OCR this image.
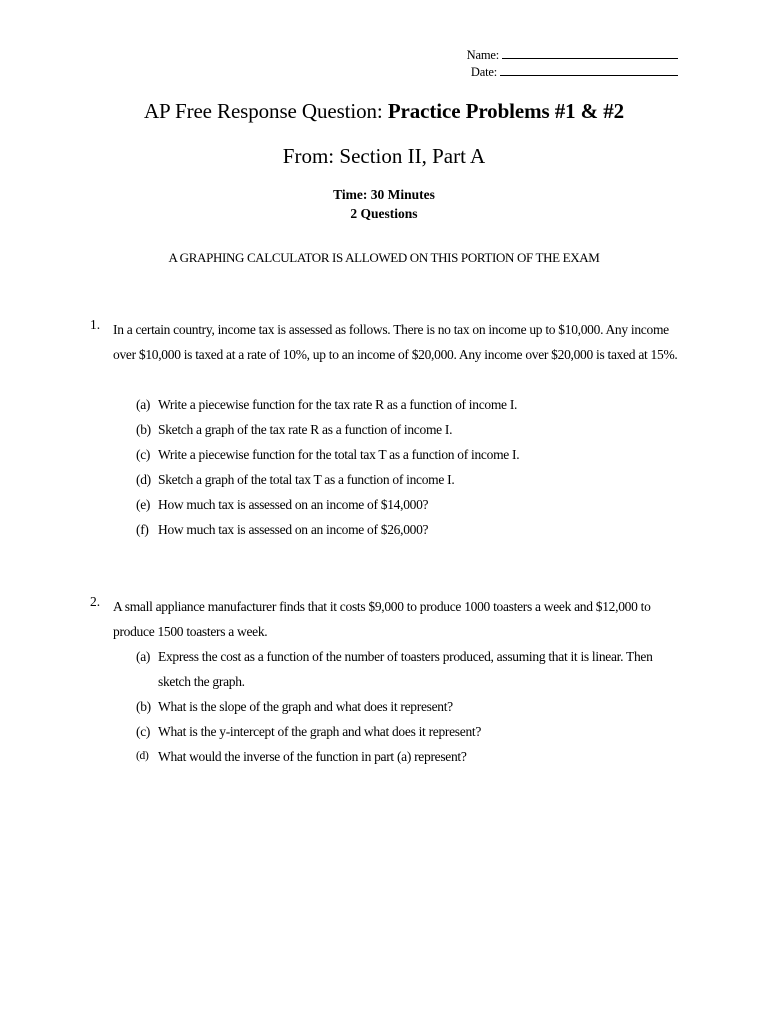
Name:
Date:
AP Free Response Question: Practice Problems #1 & #2
From: Section II, Part A
Time: 30 Minutes
2 Questions
A GRAPHING CALCULATOR IS ALLOWED ON THIS PORTION OF THE EXAM
1. In a certain country, income tax is assessed as follows. There is no tax on income up to $10,000. Any income over $10,000 is taxed at a rate of 10%, up to an income of $20,000. Any income over $20,000 is taxed at 15%.
(a) Write a piecewise function for the tax rate R as a function of income I.
(b) Sketch a graph of the tax rate R as a function of income I.
(c) Write a piecewise function for the total tax T as a function of income I.
(d) Sketch a graph of the total tax T as a function of income I.
(e) How much tax is assessed on an income of $14,000?
(f) How much tax is assessed on an income of $26,000?
2. A small appliance manufacturer finds that it costs $9,000 to produce 1000 toasters a week and $12,000 to produce 1500 toasters a week.
(a) Express the cost as a function of the number of toasters produced, assuming that it is linear. Then sketch the graph.
(b) What is the slope of the graph and what does it represent?
(c) What is the y-intercept of the graph and what does it represent?
(d) What would the inverse of the function in part (a) represent?
